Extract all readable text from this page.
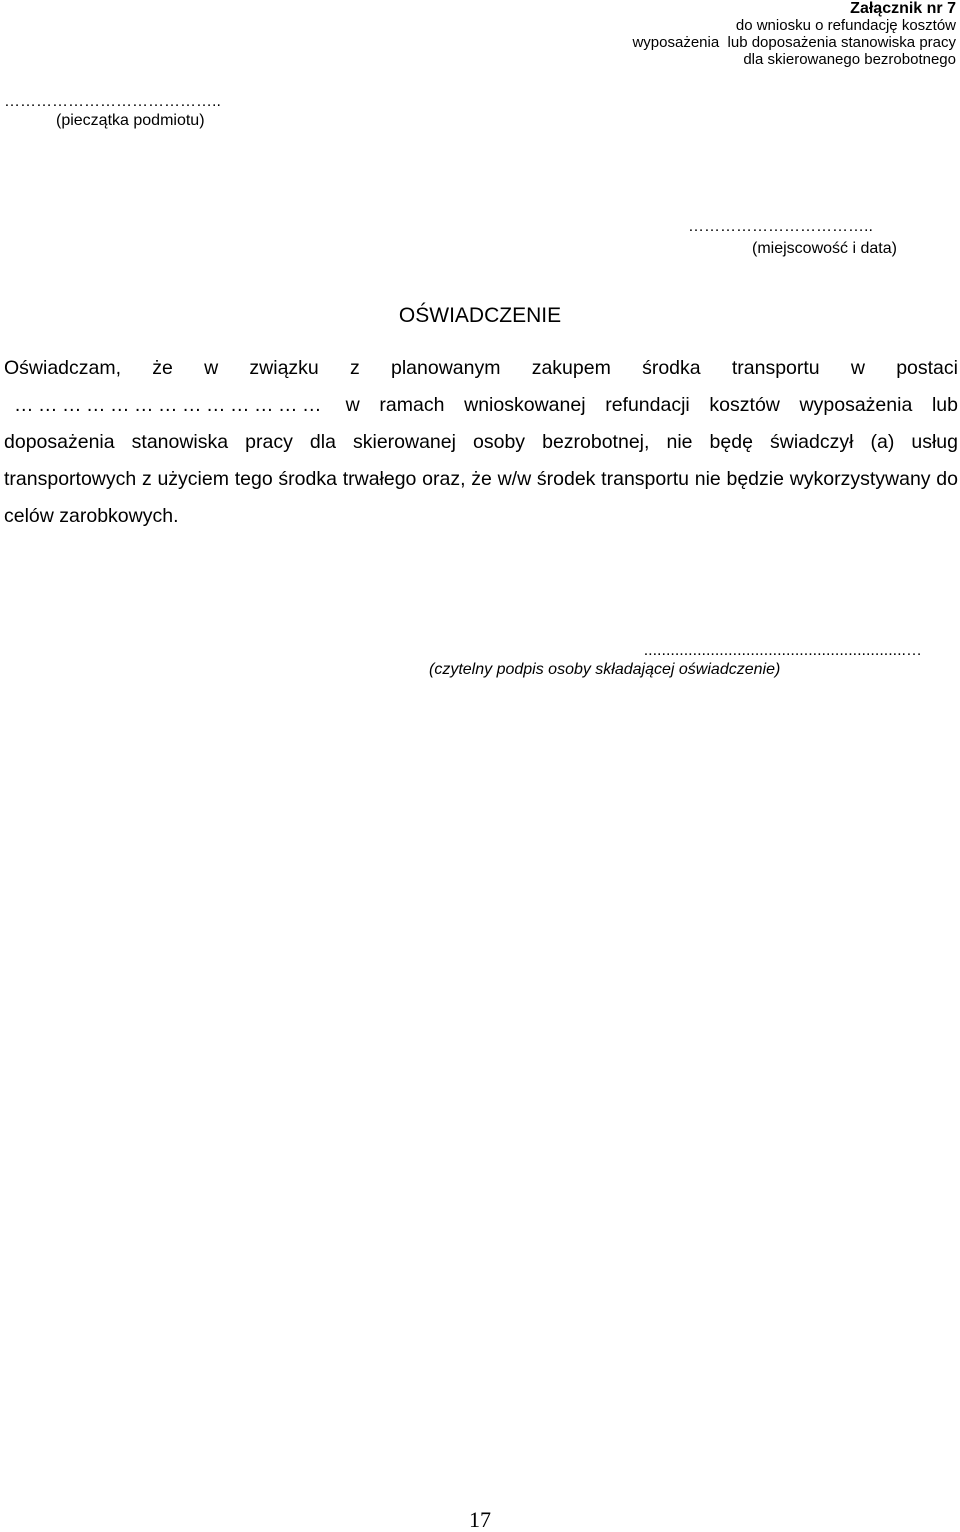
Załącznik nr 7
do wniosku o refundację kosztów
wyposażenia  lub doposażenia stanowiska pracy
dla skierowanego bezrobotnego
…………………………………..
(pieczątka podmiotu)
……………………………..
(miejscowość i data)
OŚWIADCZENIE
Oświadczam, że w związku z planowanym zakupem środka transportu w postaci ………………………………… w ramach wnioskowanej refundacji kosztów wyposażenia lub doposażenia stanowiska pracy dla skierowanej osoby bezrobotnej, nie będę świadczył (a) usług transportowych z użyciem tego środka trwałego oraz, że w/w środek transportu nie będzie wykorzystywany do celów zarobkowych.
...........................................................…
(czytelny podpis osoby składającej oświadczenie)
17
